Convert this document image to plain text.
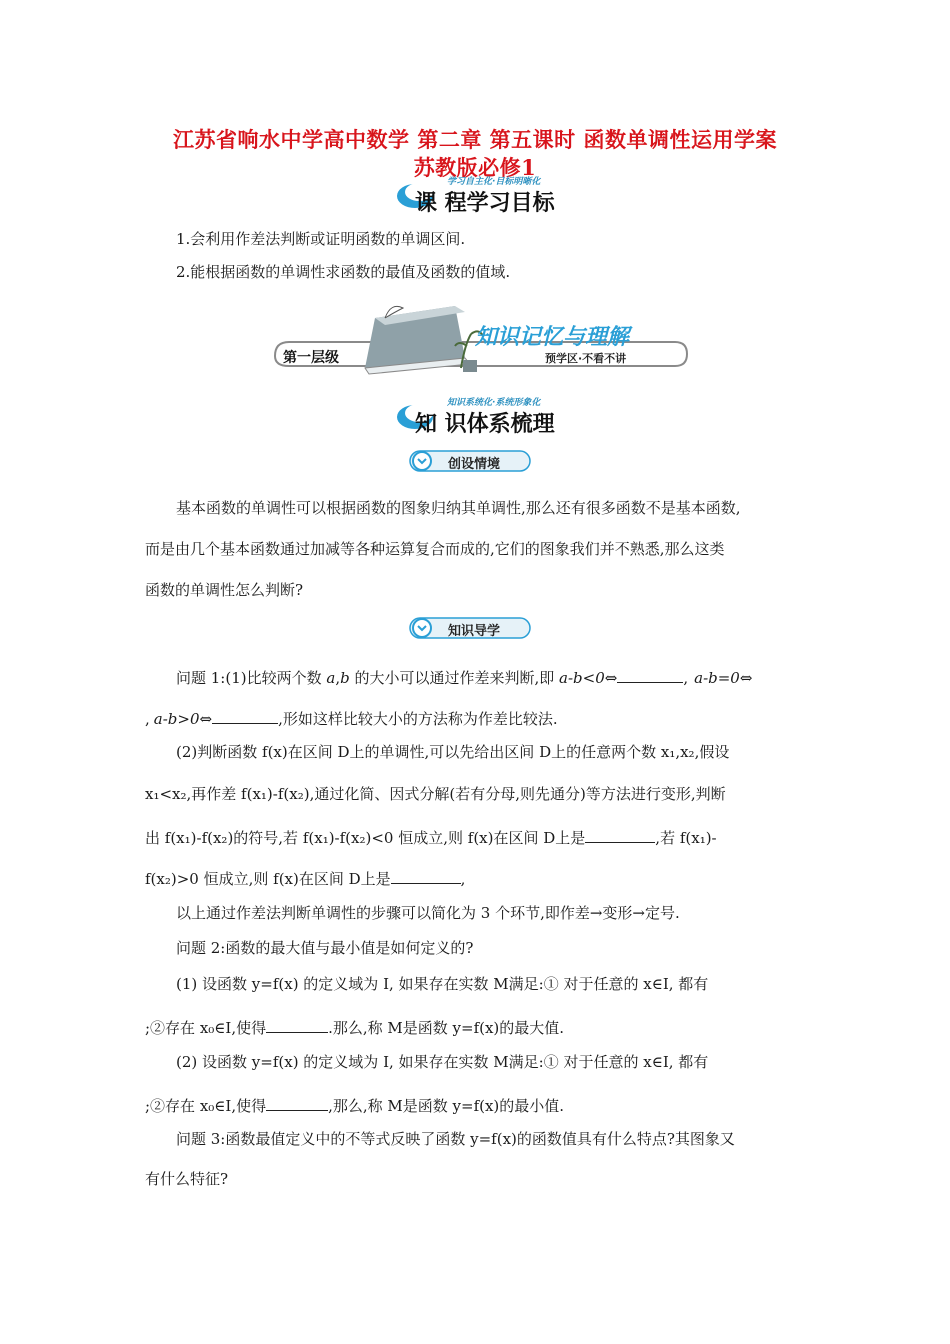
江苏省响水中学高中数学 第二章 第五课时 函数单调性运用学案
苏教版必修1
学习自主化·目标明晰化
课 程学习目标
1.会利用作差法判断或证明函数的单调区间.
2.能根据函数的单调性求函数的最值及函数的值域.
第一层级
知识记忆与理解
预学区·不看不讲
知识系统化·系统形象化
知 识体系梳理
创设情境
基本函数的单调性可以根据函数的图象归纳其单调性,那么还有很多函数不是基本函数,
而是由几个基本函数通过加减等各种运算复合而成的,它们的图象我们并不熟悉,那么这类
函数的单调性怎么判断?
知识导学
问题 1:(1)比较两个数 a,b 的大小可以通过作差来判断,即 a-b<0⇔	, a-b=0⇔
, a-b>0⇔	,形如这样比较大小的方法称为作差比较法.
(2)判断函数 f(x)在区间 D上的单调性,可以先给出区间 D上的任意两个数 x₁,x₂,假设
x₁<x₂,再作差 f(x₁)-f(x₂),通过化简、因式分解(若有分母,则先通分)等方法进行变形,判断
出 f(x₁)-f(x₂)的符号,若 f(x₁)-f(x₂)<0 恒成立,则 f(x)在区间 D上是	,若 f(x₁)-
f(x₂)>0 恒成立,则 f(x)在区间 D上是	,
以上通过作差法判断单调性的步骤可以简化为 3 个环节,即作差→变形→定号.
问题 2:函数的最大值与最小值是如何定义的?
(1) 设函数 y=f(x) 的定义域为 I, 如果存在实数 M满足:① 对于任意的 x∈I, 都有
;②存在 x₀∈I,使得	.那么,称 M是函数 y=f(x)的最大值.
(2) 设函数 y=f(x) 的定义域为 I, 如果存在实数 M满足:① 对于任意的 x∈I, 都有
;②存在 x₀∈I,使得	,那么,称 M是函数 y=f(x)的最小值.
问题 3:函数最值定义中的不等式反映了函数 y=f(x)的函数值具有什么特点?其图象又
有什么特征?
